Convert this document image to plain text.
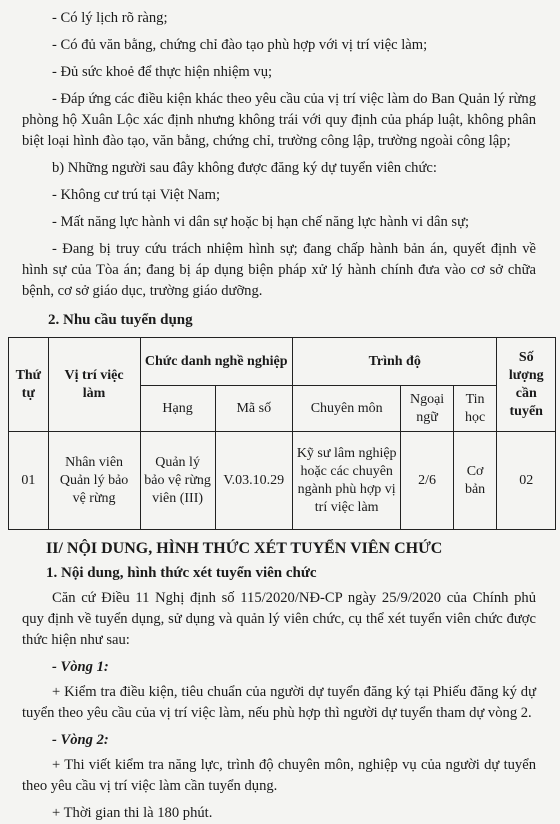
- Có lý lịch rõ ràng;

- Có đủ văn bằng, chứng chỉ đào tạo phù hợp với vị trí việc làm;

- Đủ sức khoẻ để thực hiện nhiệm vụ;

- Đáp ứng các điều kiện khác theo yêu cầu của vị trí việc làm do Ban Quản lý rừng phòng hộ Xuân Lộc xác định nhưng không trái với quy định của pháp luật, không phân biệt loại hình đào tạo, văn bằng, chứng chỉ, trường công lập, trường ngoài công lập;

b) Những người sau đây không được đăng ký dự tuyển viên chức:

- Không cư trú tại Việt Nam;

- Mất năng lực hành vi dân sự hoặc bị hạn chế năng lực hành vi dân sự;

- Đang bị truy cứu trách nhiệm hình sự; đang chấp hành bản án, quyết định về hình sự của Tòa án; đang bị áp dụng biện pháp xử lý hành chính đưa vào cơ sở chữa bệnh, cơ sở giáo dục, trường giáo dưỡng.

2. Nhu cầu tuyển dụng
Thứ tự	Vị trí việc làm	Chức danh nghề nghiệp		Trình độ			Số lượng cần tuyển
		Hạng	Mã số	Chuyên môn	Ngoại ngữ	Tin học	
01	Nhân viên Quản lý bảo vệ rừng	Quản lý bảo vệ rừng viên (III)	V.03.10.29	Kỹ sư lâm nghiệp hoặc các chuyên ngành phù hợp vị trí việc làm	2/6	Cơ bản	02
II/ NỘI DUNG, HÌNH THỨC XÉT TUYỂN VIÊN CHỨC
1. Nội dung, hình thức xét tuyển viên chức

Căn cứ Điều 11 Nghị định số 115/2020/NĐ-CP ngày 25/9/2020 của Chính phủ quy định về tuyển dụng, sử dụng và quản lý viên chức, cụ thể xét tuyển viên chức được thức hiện như sau:

- Vòng 1:

+ Kiểm tra điều kiện, tiêu chuẩn của người dự tuyển đăng ký tại Phiếu đăng ký dự tuyển theo yêu cầu của vị trí việc làm, nếu phù hợp thì người dự tuyển tham dự vòng 2.

- Vòng 2:

+ Thi viết kiểm tra năng lực, trình độ chuyên môn, nghiệp vụ của người dự tuyển theo yêu cầu vị trí việc làm cần tuyển dụng.

+ Thời gian thi là 180 phút.
